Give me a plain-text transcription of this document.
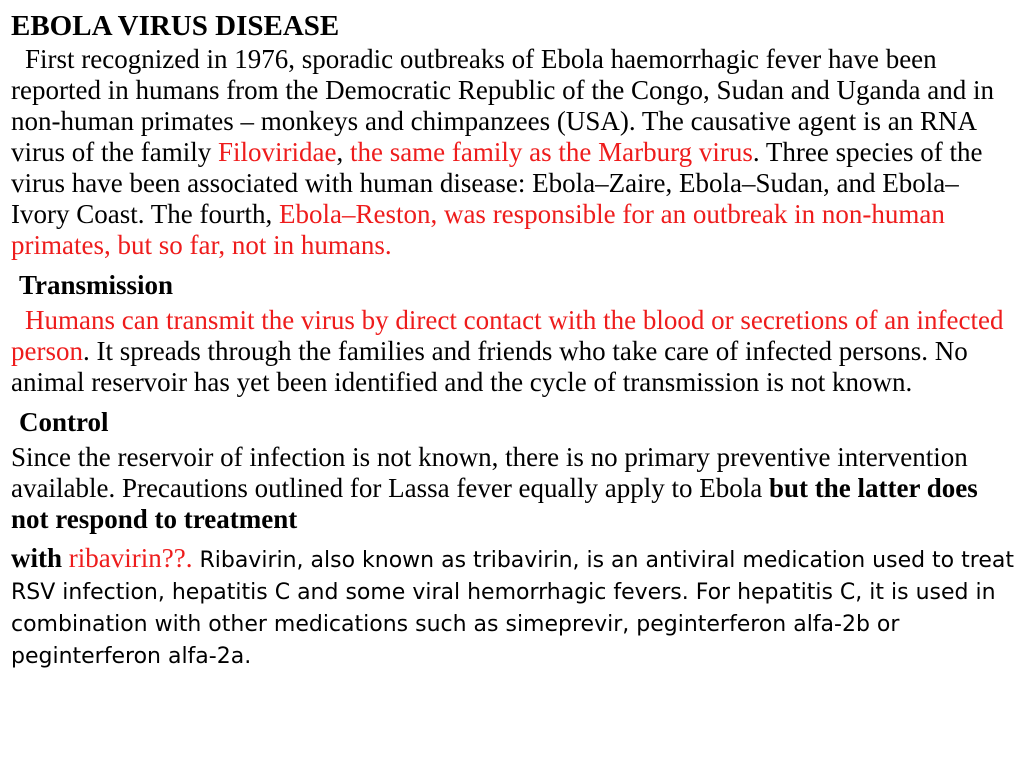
EBOLA VIRUS DISEASE

First recognized in 1976, sporadic outbreaks of Ebola haemorrhagic fever have been reported in humans from the Democratic Republic of the Congo, Sudan and Uganda and in non-human primates – monkeys and chimpanzees (USA). The causative agent is an RNA virus of the family Filoviridae, the same family as the Marburg virus. Three species of the virus have been associated with human disease: Ebola–Zaire, Ebola–Sudan, and Ebola–Ivory Coast. The fourth, Ebola–Reston, was responsible for an outbreak in non-human primates, but so far, not in humans.

Transmission

Humans can transmit the virus by direct contact with the blood or secretions of an infected person. It spreads through the families and friends who take care of infected persons. No animal reservoir has yet been identified and the cycle of transmission is not known.

Control

Since the reservoir of infection is not known, there is no primary preventive intervention available. Precautions outlined for Lassa fever equally apply to Ebola but the latter does not respond to treatment

with ribavirin??. Ribavirin, also known as tribavirin, is an antiviral medication used to treat RSV infection, hepatitis C and some viral hemorrhagic fevers. For hepatitis C, it is used in combination with other medications such as simeprevir, peginterferon alfa-2b or peginterferon alfa-2a.
